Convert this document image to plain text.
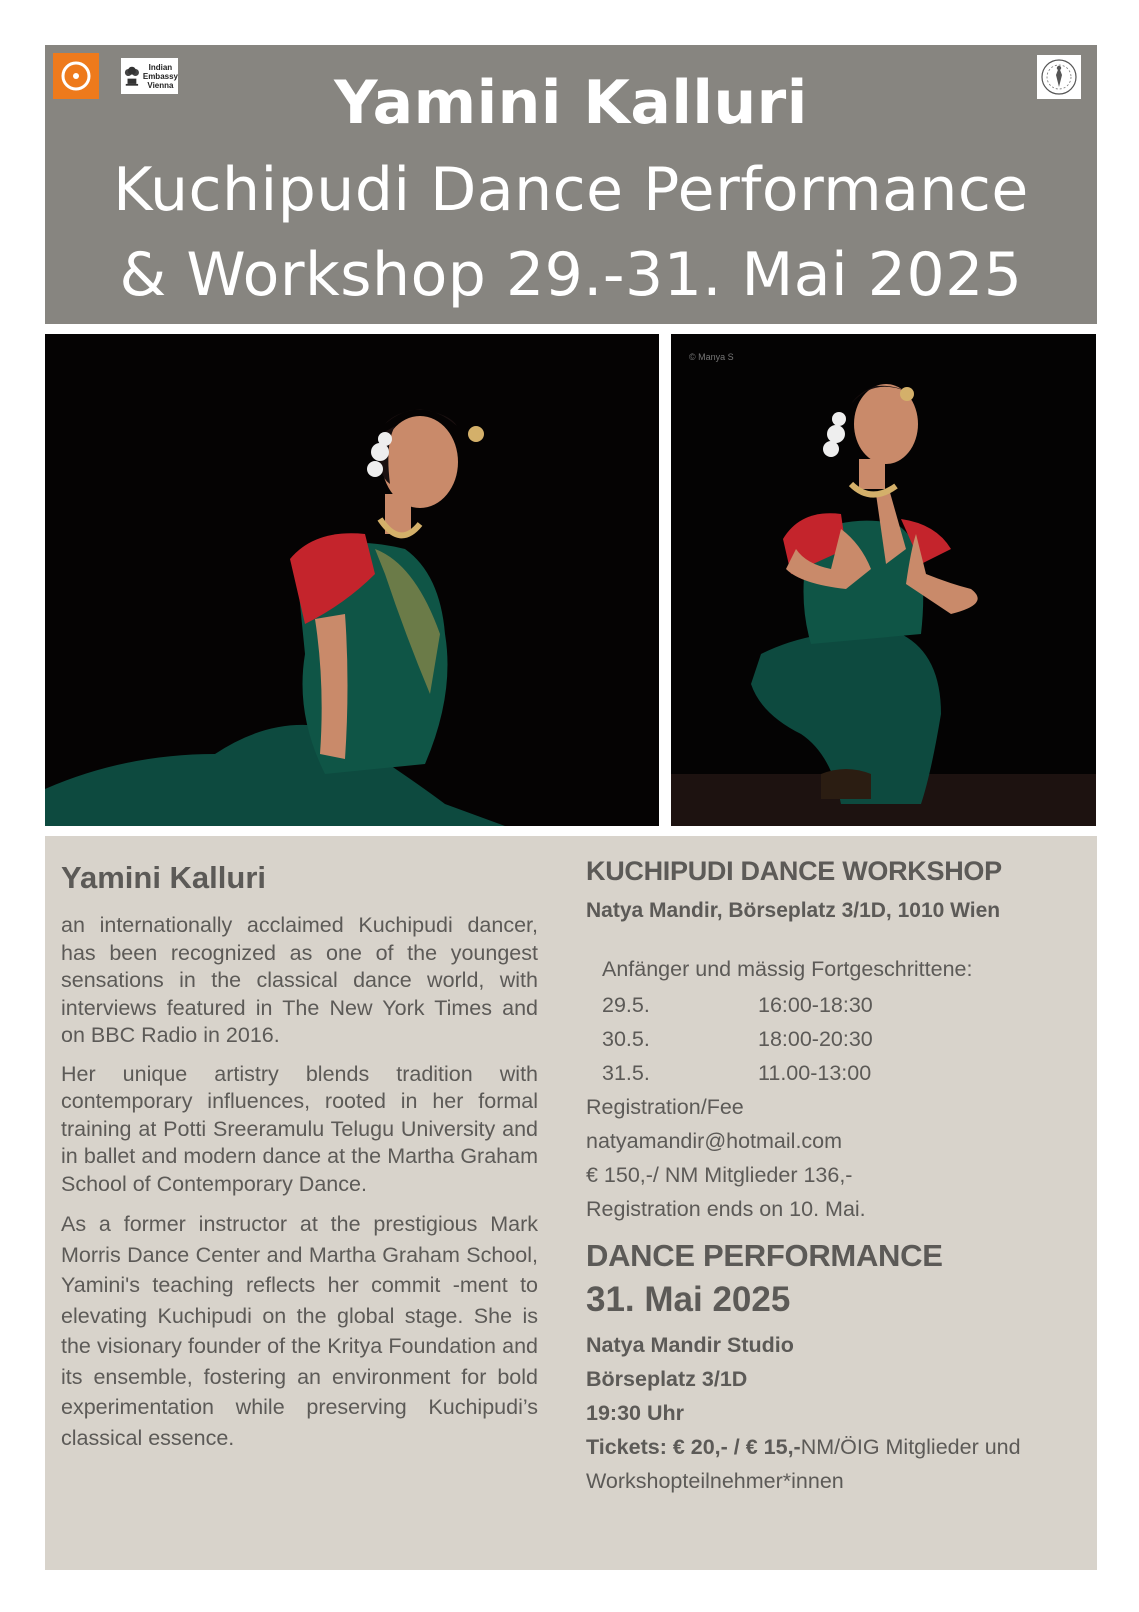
Indian
Embassy
Vienna	Yamini Kalluri
Kuchipudi Dance Performance
& Workshop 29.-31. Mai 2025
© Manya S
Yamini Kalluri

an internationally acclaimed Kuchipudi dancer, has been recognized as one of the youngest sensations in the classical dance world, with interviews featured in The New York Times and on BBC Radio in 2016.

Her unique artistry blends tradition with contemporary influences, rooted in her formal training at Potti Sreeramulu Telugu University and in ballet and modern dance at the Martha Graham School of Contemporary Dance.

As a former instructor at the prestigious Mark Morris Dance Center and Martha Graham School, Yamini's teaching reflects her commit -ment to elevating Kuchipudi on the global stage. She is the visionary founder of the Kritya Foundation and its ensemble, fostering an environment for bold experimentation while preserving Kuchipudi’s classical essence.

KUCHIPUDI DANCE WORKSHOP
Natya Mandir, Börseplatz 3/1D, 1010 Wien
Anfänger und mässig Fortgeschrittene:
29.5.	16:00-18:30
30.5.	18:00-20:30
31.5.	11.00-13:00
Registration/Fee
natyamandir@hotmail.com
€ 150,-/ NM Mitglieder 136,-
Registration ends on 10. Mai.
DANCE PERFORMANCE
31. Mai 2025
Natya Mandir Studio
Börseplatz 3/1D
19:30 Uhr
Tickets: € 20,- / € 15,-NM/ÖIG Mitglieder und Workshopteilnehmer*innen
